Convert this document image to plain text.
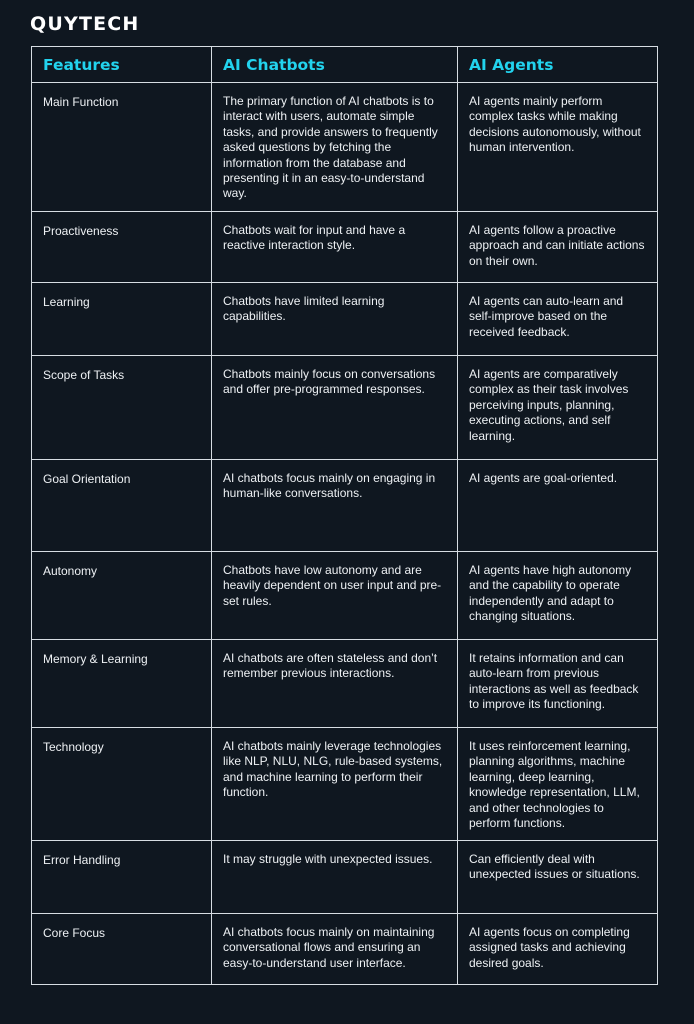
QUYTECH
Features	AI Chatbots	AI Agents
Main Function	The primary function of AI chatbots is to interact with users, automate simple tasks, and provide answers to frequently asked questions by fetching the information from the database and presenting it in an easy-to-understand way.	AI agents mainly perform complex tasks while making decisions autonomously, without human intervention.
Proactiveness	Chatbots wait for input and have a reactive interaction style.	AI agents follow a proactive approach and can initiate actions on their own.
Learning	Chatbots have limited learning capabilities.	AI agents can auto-learn and self-improve based on the received feedback.
Scope of Tasks	Chatbots mainly focus on conversations and offer pre-programmed responses.	AI agents are comparatively complex as their task involves perceiving inputs, planning, executing actions, and self learning.
Goal Orientation	AI chatbots focus mainly on engaging in human-like conversations.	AI agents are goal-oriented.
Autonomy	Chatbots have low autonomy and are heavily dependent on user input and pre-set rules.	AI agents have high autonomy and the capability to operate independently and adapt to changing situations.
Memory & Learning	AI chatbots are often stateless and don’t remember previous interactions.	It retains information and can auto-learn from previous interactions as well as feedback to improve its functioning.
Technology	AI chatbots mainly leverage technologies like NLP, NLU, NLG, rule-based systems, and machine learning to perform their function.	It uses reinforcement learning, planning algorithms, machine learning, deep learning, knowledge representation, LLM, and other technologies to perform functions.
Error Handling	It may struggle with unexpected issues.	Can efficiently deal with unexpected issues or situations.
Core Focus	AI chatbots focus mainly on maintaining conversational flows and ensuring an easy-to-understand user interface.	AI agents focus on completing assigned tasks and achieving desired goals.
